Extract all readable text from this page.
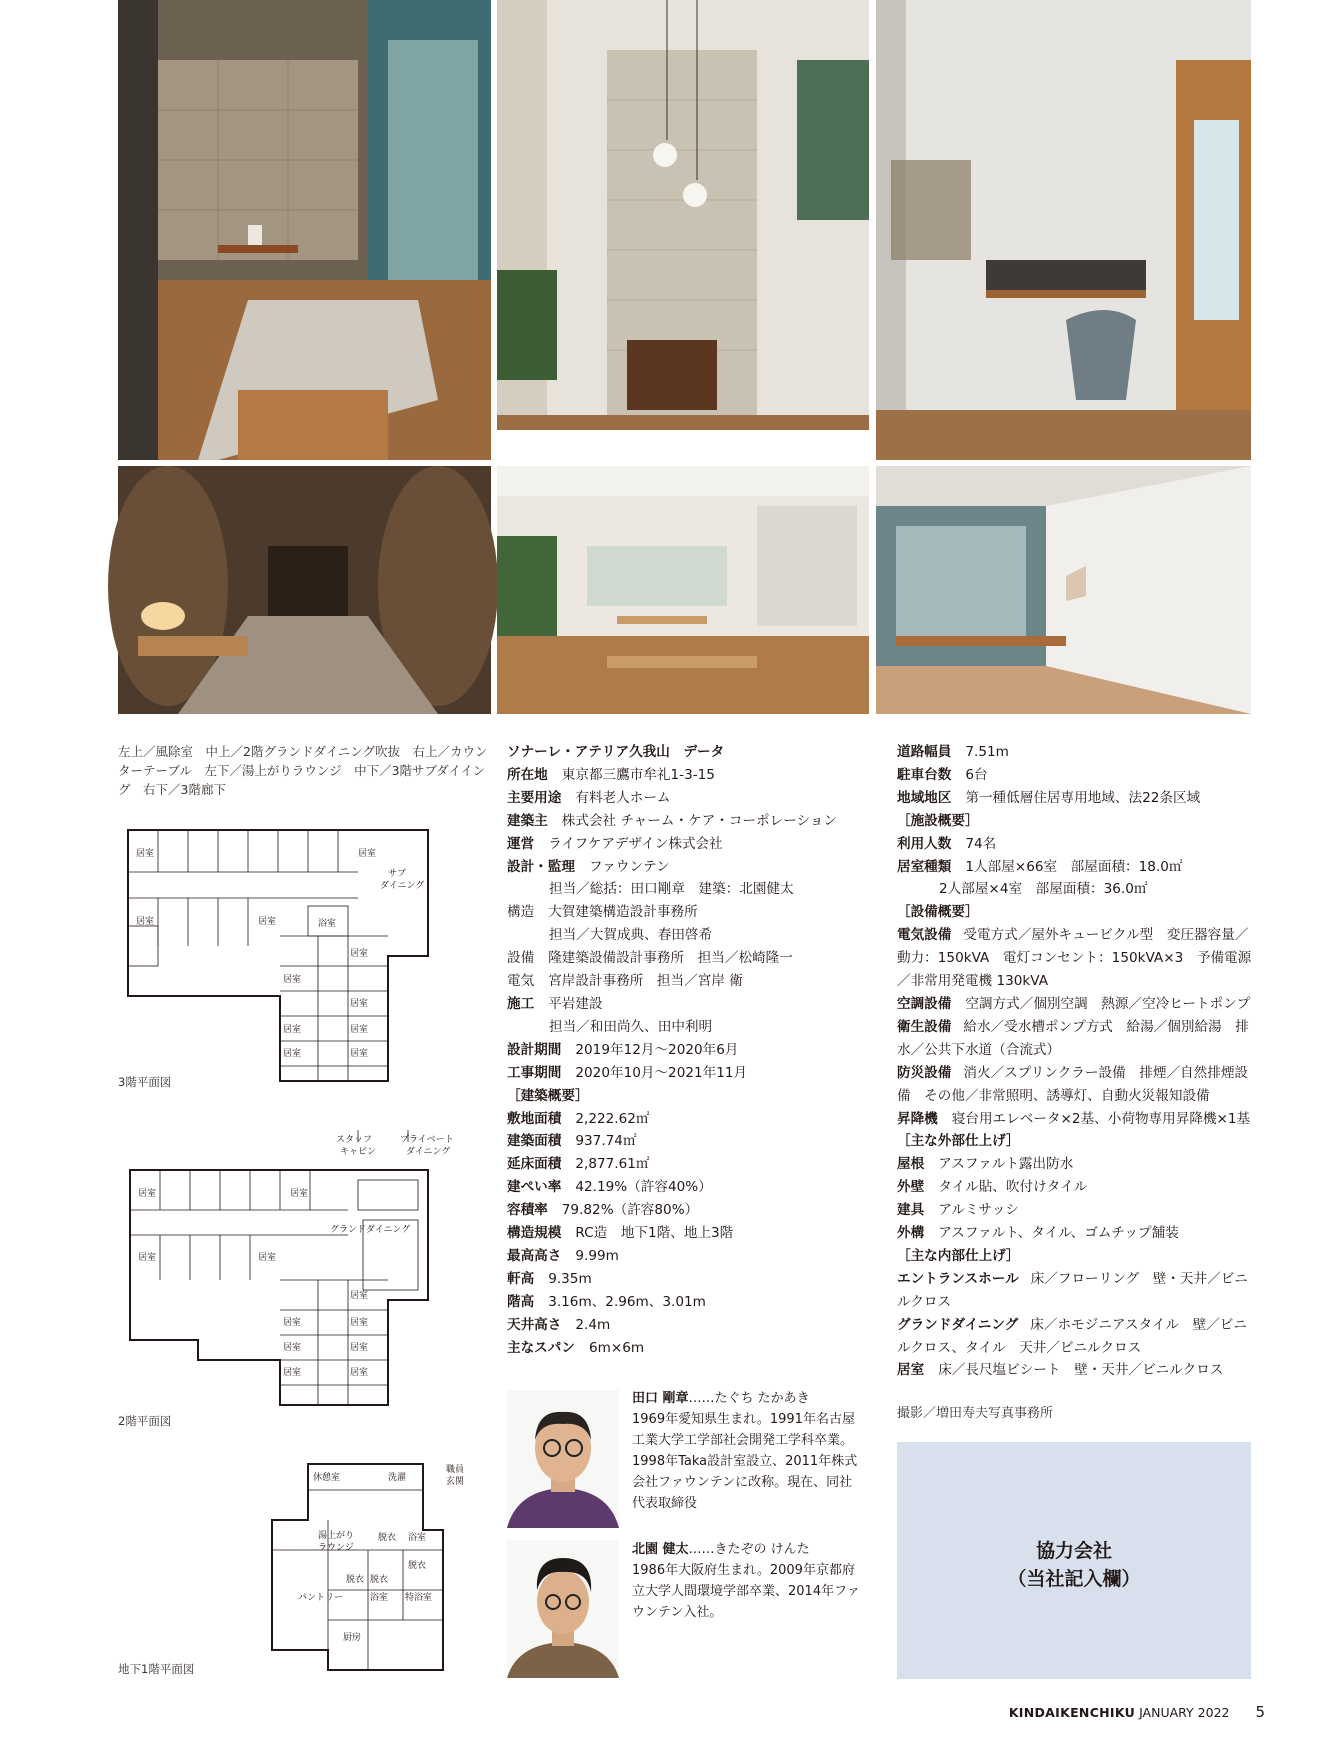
左上／風除室　中上／2階グランドダイニング吹抜　右上／カウンターテーブル　左下／湯上がりラウンジ　中下／3階サブダイイング　右下／3階廊下
居室	居室
サブ
ダイニング
居室	居室	浴室
居室
居室
居室
居室
居室
居室
居室
3階平面図
スタッフ
キャビン
プライベート
ダイニング
グランドダイニング
居室	居室
居室	居室
居室
居室
居室
居室
居室
居室
居室
2階平面図
休憩室	洗濯
職員
玄関
湯上がり
ラウンジ
脱衣 浴室
脱衣
脱衣 脱衣
浴室 特浴室
パントリー
厨房
地下1階平面図
ソナーレ・アテリア久我山　データ
所在地 東京都三鷹市牟礼1-3-15
主要用途 有料老人ホーム
建築主 株式会社 チャーム・ケア・コーポレーション
運営 ライフケアデザイン株式会社
設計・監理 ファウンテン
担当／総括：田口剛章　建築：北園健太
構造 大賀建築構造設計事務所
担当／大賀成典、春田啓希
設備 隆建築設備設計事務所　担当／松崎隆一
電気 宮岸設計事務所　担当／宮岸 衛
施工 平岩建設
担当／和田尚久、田中利明
設計期間 2019年12月～2020年6月
工事期間 2020年10月～2021年11月
［建築概要］
敷地面積 2,222.62㎡
建築面積 937.74㎡
延床面積 2,877.61㎡
建ぺい率 42.19%（許容40%）
容積率 79.82%（許容80%）
構造規模 RC造　地下1階、地上3階
最高高さ 9.99m
軒高 9.35m
階高 3.16m、2.96m、3.01m
天井高さ 2.4m
主なスパン 6m×6m
道路幅員 7.51m
駐車台数 6台
地域地区 第一種低層住居専用地域、法22条区域
［施設概要］
利用人数 74名
居室種類 1人部屋×66室　部屋面積：18.0㎡
2人部屋×4室　部屋面積：36.0㎡
［設備概要］
電気設備 受電方式／屋外キュービクル型　変圧器容量／動力：150kVA　電灯コンセント：150kVA×3　予備電源／非常用発電機 130kVA
空調設備 空調方式／個別空調　熱源／空冷ヒートポンプ
衛生設備 給水／受水槽ポンプ方式　給湯／個別給湯　排水／公共下水道（合流式）
防災設備 消火／スプリンクラー設備　排煙／自然排煙設備　その他／非常照明、誘導灯、自動火災報知設備
昇降機 寝台用エレベータ×2基、小荷物専用昇降機×1基
［主な外部仕上げ］
屋根 アスファルト露出防水
外壁 タイル貼、吹付けタイル
建具 アルミサッシ
外構 アスファルト、タイル、ゴムチップ舗装
［主な内部仕上げ］
エントランスホール 床／フローリング　壁・天井／ビニルクロス
グランドダイニング 床／ホモジニアスタイル　壁／ビニルクロス、タイル　天井／ビニルクロス
居室 床／長尺塩ビシート　壁・天井／ビニルクロス
田口 剛章……たぐち たかあき
1969年愛知県生まれ。1991年名古屋工業大学工学部社会開発工学科卒業。1998年Taka設計室設立、2011年株式会社ファウンテンに改称。現在、同社代表取締役
北園 健太……きたぞの けんた
1986年大阪府生まれ。2009年京都府立大学人間環境学部卒業、2014年ファウンテン入社。
撮影／増田寿夫写真事務所
協力会社
（当社記入欄）
KINDAIKENCHIKU JANUARY 2022 5
